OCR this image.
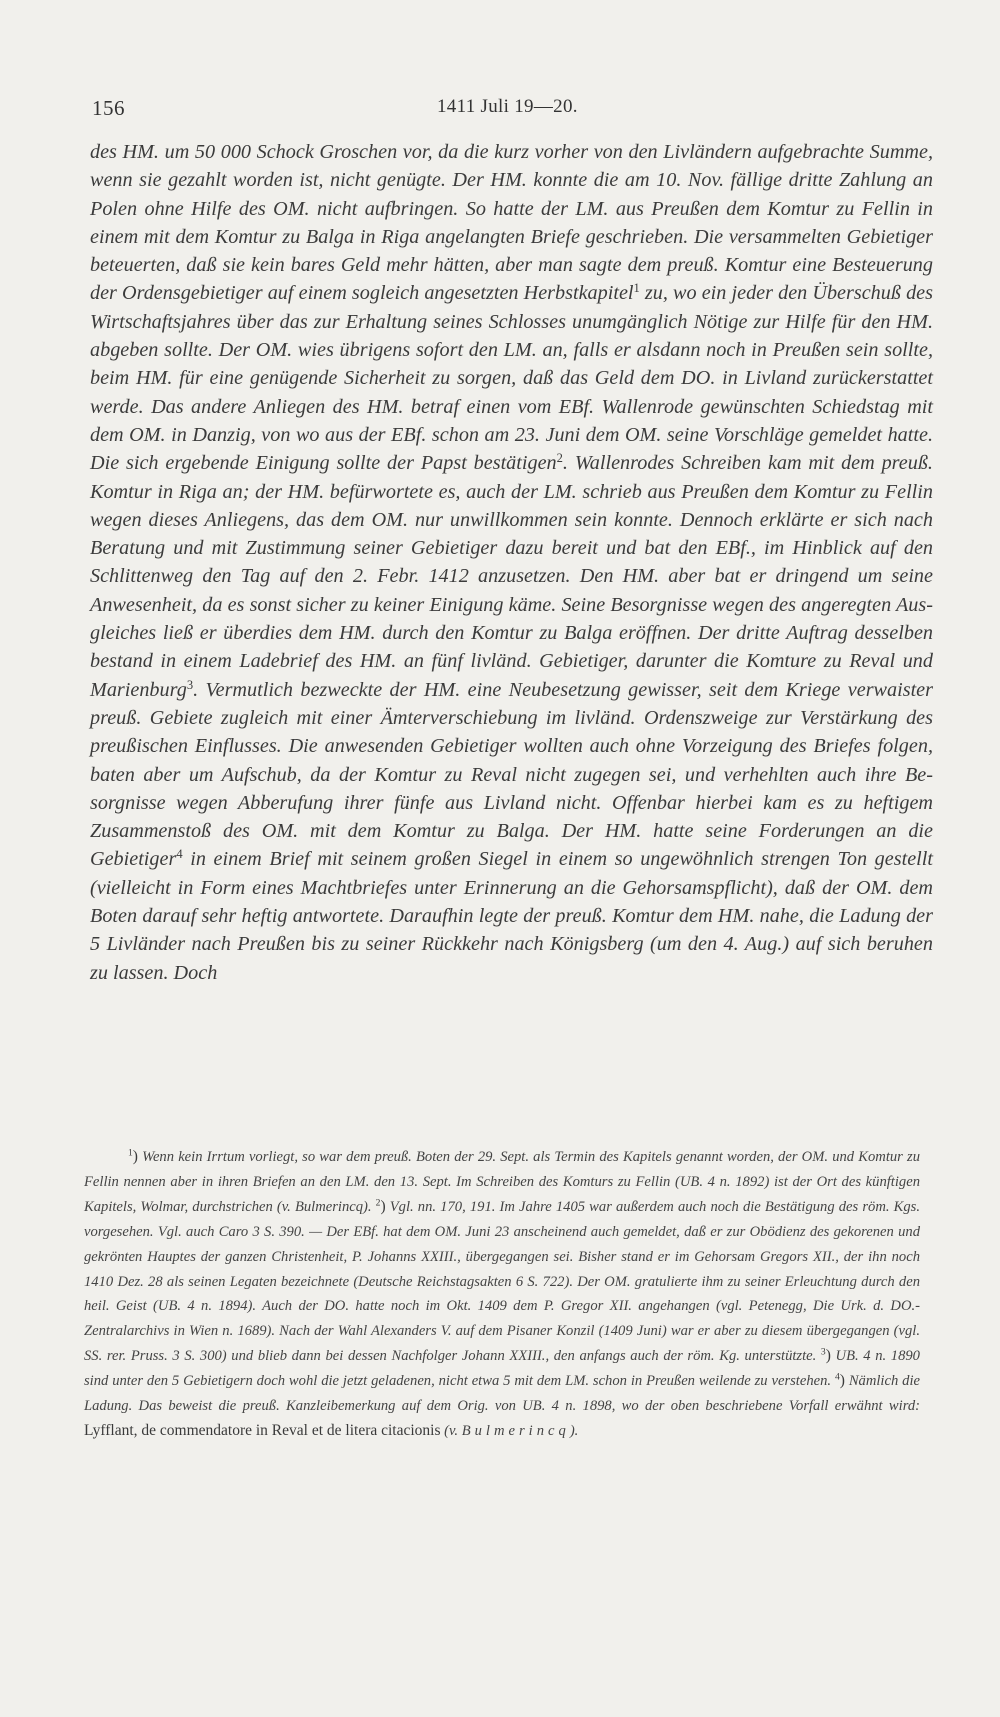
156	1411 Juli 19—20.

des HM. um 50 000 Schock Groschen vor, da die kurz vorher von den Livländern aufgebrachte Summe, wenn sie gezahlt worden ist, nicht genügte. Der HM. konnte die am 10. Nov. fällige dritte Zahlung an Polen ohne Hilfe des OM. nicht aufbringen. So hatte der LM. aus Preußen dem Komtur zu Fellin in einem mit dem Komtur zu Balga in Riga angelangten Briefe geschrieben. Die versammelten Gebietiger beteuerten, daß sie kein bares Geld mehr hätten, aber man sagte dem preuß. Komtur eine Besteuerung der Ordensgebietiger auf einem sogleich angesetzten Herbstkapitel$^1$ zu, wo ein jeder den Überschuß des Wirtschaftsjahres über das zur Erhaltung seines Schlosses unumgänglich Nötige zur Hilfe für den HM. abgeben sollte. Der OM. wies übrigens sofort den LM. an, falls er alsdann noch in Preußen sein sollte, beim HM. für eine genügende Sicherheit zu sorgen, daß das Geld dem DO. in Livland zurückerstattet werde. Das andere Anliegen des HM. betraf einen vom EBf. Wallenrode gewünschten Schiedstag mit dem OM. in Danzig, von wo aus der EBf. schon am 23. Juni dem OM. seine Vorschläge gemeldet hatte. Die sich ergebende Einigung sollte der Papst bestätigen$^2$. Wallenrodes Schreiben kam mit dem preuß. Komtur in Riga an; der HM. befürwortete es, auch der LM. schrieb aus Preußen dem Komtur zu Fellin wegen dieses Anliegens, das dem OM. nur unwillkommen sein konnte. Dennoch erklärte er sich nach Beratung und mit Zustimmung seiner Gebietiger dazu bereit und bat den EBf., im Hinblick auf den Schlittenweg den Tag auf den 2. Febr. 1412 anzusetzen. Den HM. aber bat er dringend um seine Anwesenheit, da es sonst sicher zu keiner Einigung käme. Seine Besorgnisse wegen des angeregten Ausgleiches ließ er überdies dem HM. durch den Komtur zu Balga eröffnen. Der dritte Auftrag desselben bestand in einem Ladebrief des HM. an fünf livländ. Gebietiger, darunter die Komture zu Reval und Marienburg$^3$. Vermutlich bezweckte der HM. eine Neubesetzung gewisser, seit dem Kriege verwaister preuß. Gebiete zugleich mit einer Ämterverschiebung im livländ. Ordenszweige zur Verstärkung des preußischen Einflusses. Die anwesenden Gebietiger wollten auch ohne Vorzeigung des Briefes folgen, baten aber um Aufschub, da der Komtur zu Reval nicht zugegen sei, und verhehlten auch ihre Besorgnisse wegen Abberufung ihrer fünfe aus Livland nicht. Offenbar hierbei kam es zu heftigem Zusammenstoß des OM. mit dem Komtur zu Balga. Der HM. hatte seine Forderungen an die Gebietiger$^4$ in einem Brief mit seinem großen Siegel in einem so ungewöhnlich strengen Ton gestellt (vielleicht in Form eines Machtbriefes unter Erinnerung an die Gehorsamspflicht), daß der OM. dem Boten darauf sehr heftig antwortete. Daraufhin legte der preuß. Komtur dem HM. nahe, die Ladung der 5 Livländer nach Preußen bis zu seiner Rückkehr nach Königsberg (um den 4. Aug.) auf sich beruhen zu lassen. Doch

$^1$) Wenn kein Irrtum vorliegt, so war dem preuß. Boten der 29. Sept. als Termin des Kapitels genannt worden, der OM. und Komtur zu Fellin nennen aber in ihren Briefen an den LM. den 13. Sept. Im Schreiben des Komturs zu Fellin (UB. 4 n. 1892) ist der Ort des künftigen Kapitels, Wolmar, durchstrichen (v. Bulmerincq). $^2$) Vgl. nn. 170, 191. Im Jahre 1405 war außerdem auch noch die Bestätigung des röm. Kgs. vorgesehen. Vgl. auch Caro 3 S. 390. — Der EBf. hat dem OM. Juni 23 anscheinend auch gemeldet, daß er zur Obödienz des gekorenen und gekrönten Hauptes der ganzen Christenheit, P. Johanns XXIII., übergegangen sei. Bisher stand er im Gehorsam Gregors XII., der ihn noch 1410 Dez. 28 als seinen Legaten bezeichnete (Deutsche Reichstagsakten 6 S. 722). Der OM. gratulierte ihm zu seiner Erleuchtung durch den heil. Geist (UB. 4 n. 1894). Auch der DO. hatte noch im Okt. 1409 dem P. Gregor XII. angehangen (vgl. Petenegg, Die Urk. d. DO.-Zentralarchivs in Wien n. 1689). Nach der Wahl Alexanders V. auf dem Pisaner Konzil (1409 Juni) war er aber zu diesem übergegangen (vgl. SS. rer. Pruss. 3 S. 300) und blieb dann bei dessen Nachfolger Johann XXIII., den anfangs auch der röm. Kg. unterstützte. $^3$) UB. 4 n. 1890 sind unter den 5 Gebietigern doch wohl die jetzt geladenen, nicht etwa 5 mit dem LM. schon in Preußen weilende zu verstehen. $^4$) Nämlich die Ladung. Das beweist die preuß. Kanzleibemerkung auf dem Orig. von UB. 4 n. 1898, wo der oben beschriebene Vorfall erwähnt wird: Lyfflant, de commendatore in Reval et de litera citacionis (v. Bulmerincq).
